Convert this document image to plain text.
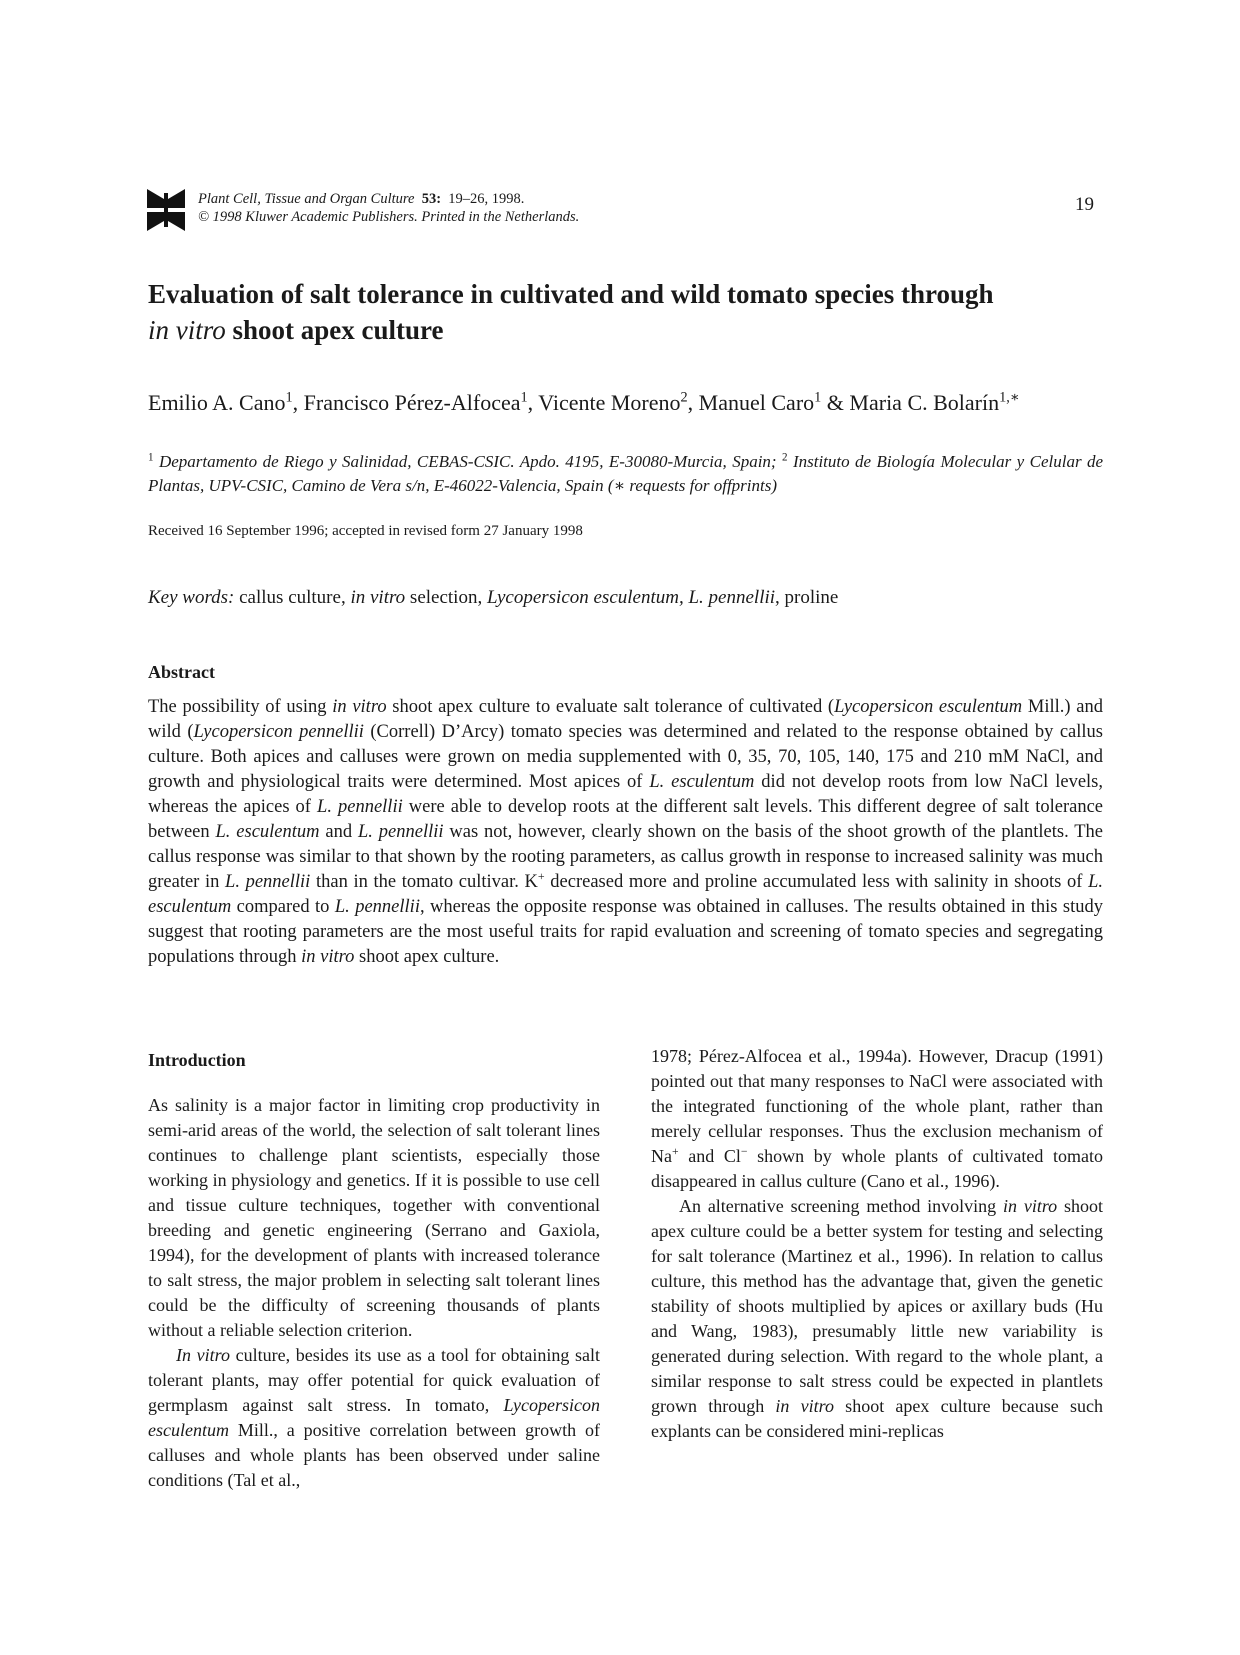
Plant Cell, Tissue and Organ Culture 53: 19–26, 1998.
© 1998 Kluwer Academic Publishers. Printed in the Netherlands.
19
Evaluation of salt tolerance in cultivated and wild tomato species through
in vitro shoot apex culture
Emilio A. Cano$^1$, Francisco Pérez-Alfocea$^1$, Vicente Moreno$^2$, Manuel Caro$^1$ & Maria C. Bolarín$^{1,∗}$
$^1$ Departamento de Riego y Salinidad, CEBAS-CSIC. Apdo. 4195, E-30080-Murcia, Spain; $^2$ Instituto de Biología Molecular y Celular de Plantas, UPV-CSIC, Camino de Vera s/n, E-46022-Valencia, Spain (∗ requests for offprints)
Received 16 September 1996; accepted in revised form 27 January 1998
Key words: callus culture, in vitro selection, Lycopersicon esculentum, L. pennellii, proline
Abstract
The possibility of using in vitro shoot apex culture to evaluate salt tolerance of cultivated (Lycopersicon esculentum Mill.) and wild (Lycopersicon pennellii (Correll) D’Arcy) tomato species was determined and related to the response obtained by callus culture. Both apices and calluses were grown on media supplemented with 0, 35, 70, 105, 140, 175 and 210 mM NaCl, and growth and physiological traits were determined. Most apices of L. esculentum did not develop roots from low NaCl levels, whereas the apices of L. pennellii were able to develop roots at the different salt levels. This different degree of salt tolerance between L. esculentum and L. pennellii was not, however, clearly shown on the basis of the shoot growth of the plantlets. The callus response was similar to that shown by the rooting parameters, as callus growth in response to increased salinity was much greater in L. pennellii than in the tomato cultivar. K+ decreased more and proline accumulated less with salinity in shoots of L. esculentum compared to L. pennellii, whereas the opposite response was obtained in calluses. The results obtained in this study suggest that rooting parameters are the most useful traits for rapid evaluation and screening of tomato species and segregating populations through in vitro shoot apex culture.
Introduction

As salinity is a major factor in limiting crop productivity in semi-arid areas of the world, the selection of salt tolerant lines continues to challenge plant scientists, especially those working in physiology and genetics. If it is possible to use cell and tissue culture techniques, together with conventional breeding and genetic engineering (Serrano and Gaxiola, 1994), for the development of plants with increased tolerance to salt stress, the major problem in selecting salt tolerant lines could be the difficulty of screening thousands of plants without a reliable selection criterion.

In vitro culture, besides its use as a tool for obtaining salt tolerant plants, may offer potential for quick evaluation of germplasm against salt stress. In tomato, Lycopersicon esculentum Mill., a positive correlation between growth of calluses and whole plants has been observed under saline conditions (Tal et al.,

1978; Pérez-Alfocea et al., 1994a). However, Dracup (1991) pointed out that many responses to NaCl were associated with the integrated functioning of the whole plant, rather than merely cellular responses. Thus the exclusion mechanism of Na+ and Cl− shown by whole plants of cultivated tomato disappeared in callus culture (Cano et al., 1996).

An alternative screening method involving in vitro shoot apex culture could be a better system for testing and selecting for salt tolerance (Martinez et al., 1996). In relation to callus culture, this method has the advantage that, given the genetic stability of shoots multiplied by apices or axillary buds (Hu and Wang, 1983), presumably little new variability is generated during selection. With regard to the whole plant, a similar response to salt stress could be expected in plantlets grown through in vitro shoot apex culture because such explants can be considered mini-replicas
